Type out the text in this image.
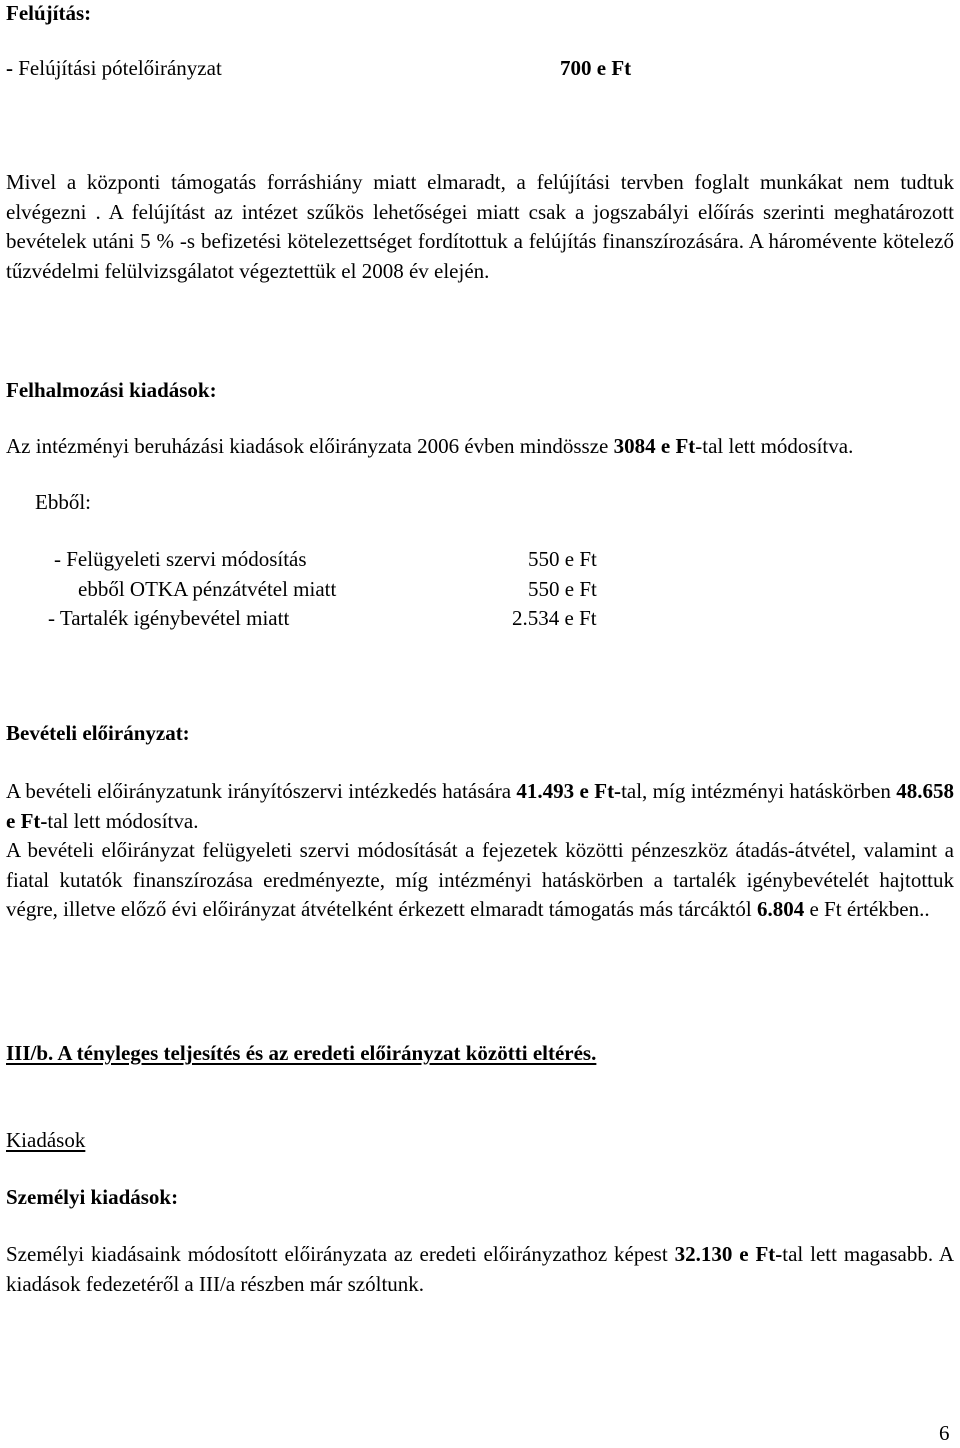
Felújítás:
- Felújítási pótelőirányzat	700 e Ft
Mivel a központi támogatás forráshiány miatt elmaradt, a felújítási tervben foglalt munkákat nem tudtuk elvégezni . A felújítást az intézet szűkös lehetőségei miatt csak a jogszabályi előírás szerinti meghatározott bevételek utáni 5 % -s befizetési kötelezettséget fordítottuk a felújítás finanszírozására. A háromévente kötelező tűzvédelmi felülvizsgálatot végeztettük el 2008 év elején.
Felhalmozási kiadások:
Az intézményi beruházási kiadások előirányzata 2006 évben mindössze 3084 e Ft-tal lett módosítva.
Ebből:
- Felügyeleti szervi módosítás	550 e Ft
ebből OTKA pénzátvétel miatt	550 e Ft
- Tartalék igénybevétel miatt	2.534 e Ft
Bevételi előirányzat:
A bevételi előirányzatunk irányítószervi intézkedés hatására 41.493 e Ft-tal, míg intézményi hatáskörben 48.658 e Ft-tal lett módosítva.
A bevételi előirányzat felügyeleti szervi módosítását a fejezetek közötti pénzeszköz átadás-átvétel, valamint a fiatal kutatók finanszírozása eredményezte, míg intézményi hatáskörben a tartalék igénybevételét hajtottuk végre, illetve előző évi előirányzat átvételként érkezett elmaradt támogatás más tárcáktól 6.804 e Ft értékben..
III/b. A tényleges teljesítés és az eredeti előirányzat közötti eltérés.
Kiadások
Személyi kiadások:
Személyi kiadásaink módosított előirányzata az eredeti előirányzathoz képest 32.130 e Ft-tal lett magasabb. A kiadások fedezetéről a III/a részben már szóltunk.
6
